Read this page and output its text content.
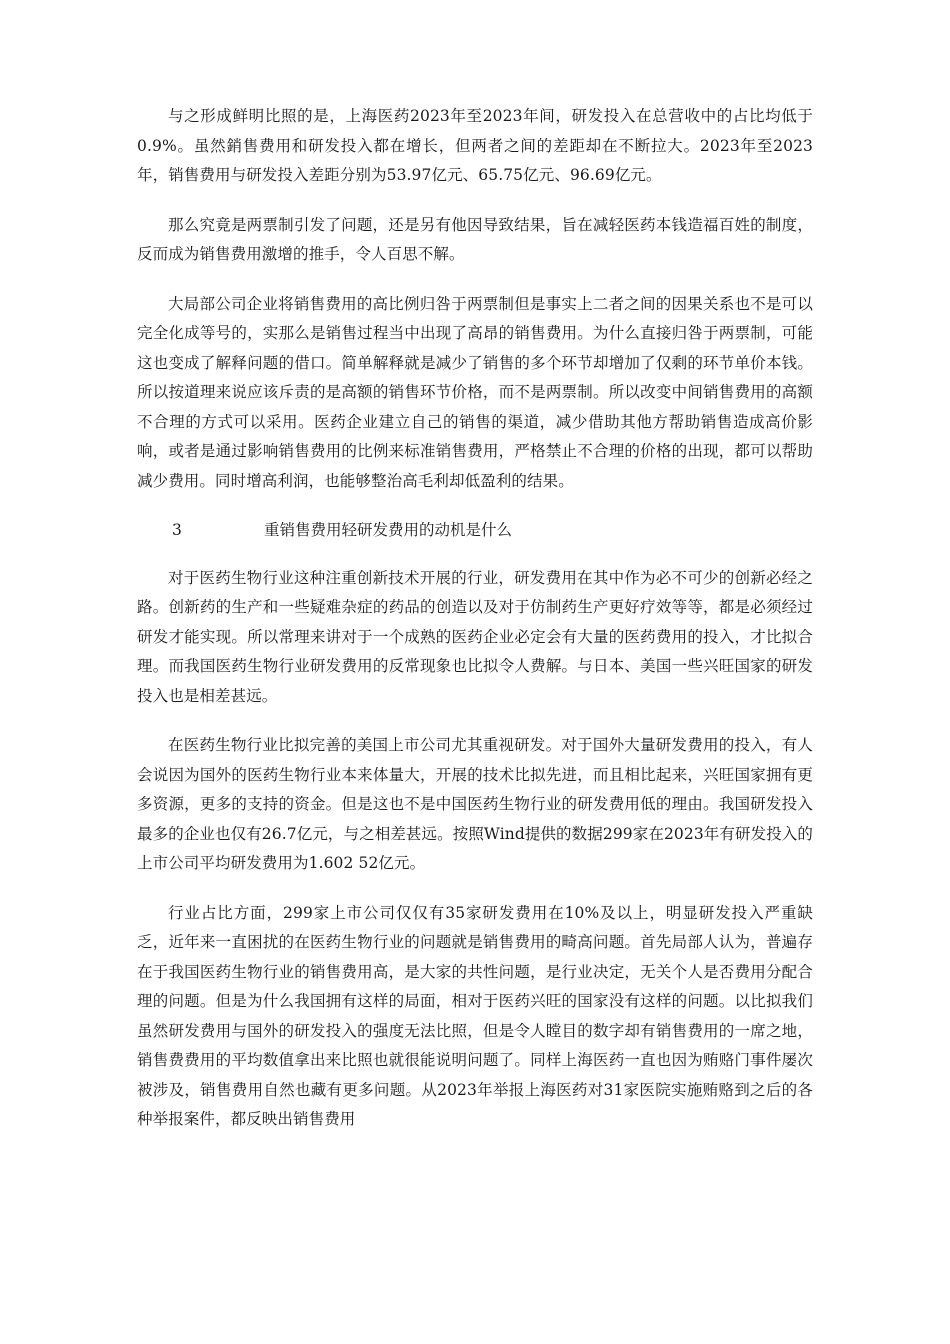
与之形成鲜明比照的是，上海医药2023年至2023年间，研发投入在总营收中的占比均低于0.9%。虽然銷售费用和研发投入都在增长，但两者之间的差距却在不断拉大。2023年至2023年，销售费用与研发投入差距分别为53.97亿元、65.75亿元、96.69亿元。

那么究竟是两票制引发了问题，还是另有他因导致结果，旨在减轻医药本钱造福百姓的制度，反而成为销售费用激增的推手，令人百思不解。

大局部公司企业将销售费用的高比例归咎于两票制但是事实上二者之间的因果关系也不是可以完全化成等号的，实那么是销售过程当中出现了高昂的销售费用。为什么直接归咎于两票制，可能这也变成了解释问题的借口。简单解释就是减少了销售的多个环节却增加了仅剩的环节单价本钱。所以按道理来说应该斥责的是高额的销售环节价格，而不是两票制。所以改变中间销售费用的高额不合理的方式可以采用。医药企业建立自己的销售的渠道，减少借助其他方帮助销售造成高价影响，或者是通过影响销售费用的比例来标准销售费用，严格禁止不合理的价格的出现，都可以帮助减少费用。同时增高利润，也能够整治高毛利却低盈利的结果。

3	重销售费用轻研发费用的动机是什么

对于医药生物行业这种注重创新技术开展的行业，研发费用在其中作为必不可少的创新必经之路。创新药的生产和一些疑难杂症的药品的创造以及对于仿制药生产更好疗效等等，都是必须经过研发才能实现。所以常理来讲对于一个成熟的医药企业必定会有大量的医药费用的投入，才比拟合理。而我国医药生物行业研发费用的反常现象也比拟令人费解。与日本、美国一些兴旺国家的研发投入也是相差甚远。

在医药生物行业比拟完善的美国上市公司尤其重视研发。对于国外大量研发费用的投入，有人会说因为国外的医药生物行业本来体量大，开展的技术比拟先进，而且相比起来，兴旺国家拥有更多资源，更多的支持的资金。但是这也不是中国医药生物行业的研发费用低的理由。我国研发投入最多的企业也仅有26.7亿元，与之相差甚远。按照Wind提供的数据299家在2023年有研发投入的上市公司平均研发费用为1.602 52亿元。

行业占比方面，299家上市公司仅仅有35家研发费用在10%及以上，明显研发投入严重缺乏，近年来一直困扰的在医药生物行业的问题就是销售费用的畸高问题。首先局部人认为，普遍存在于我国医药生物行业的销售费用高，是大家的共性问题，是行业决定，无关个人是否费用分配合理的问题。但是为什么我国拥有这样的局面，相对于医药兴旺的国家没有这样的问题。以比拟我们虽然研发费用与国外的研发投入的强度无法比照，但是令人瞠目的数字却有销售费用的一席之地，销售费费用的平均数值拿出来比照也就很能说明问题了。同样上海医药一直也因为贿赂门事件屡次被涉及，销售费用自然也藏有更多问题。从2023年举报上海医药对31家医院实施贿赂到之后的各种举报案件，都反映出销售费用
